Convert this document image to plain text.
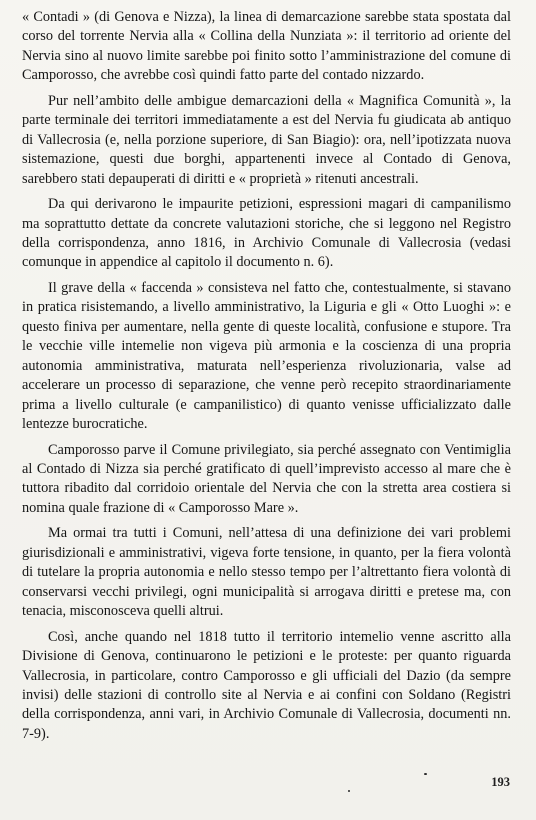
« Contadi » (di Genova e Nizza), la linea di demarcazione sarebbe stata spostata dal corso del torrente Nervia alla « Collina della Nunziata »: il territorio ad oriente del Nervia sino al nuovo limite sarebbe poi finito sotto l’amministrazione del comune di Camporosso, che avrebbe così quindi fatto parte del contado nizzardo.

Pur nell’ambito delle ambigue demarcazioni della « Magnifica Comunità », la parte terminale dei territori immediatamente a est del Nervia fu giudicata ab antiquo di Vallecrosia (e, nella porzione superiore, di San Biagio): ora, nell’ipotizzata nuova sistemazione, questi due borghi, appartenenti invece al Contado di Genova, sarebbero stati depauperati di diritti e « proprietà » ritenuti ancestrali.

Da qui derivarono le impaurite petizioni, espressioni magari di campanilismo ma soprattutto dettate da concrete valutazioni storiche, che si leggono nel Registro della corrispondenza, anno 1816, in Archivio Comunale di Vallecrosia (vedasi comunque in appendice al capitolo il documento n. 6).

Il grave della « faccenda » consisteva nel fatto che, contestualmente, si stavano in pratica risistemando, a livello amministrativo, la Liguria e gli « Otto Luoghi »: e questo finiva per aumentare, nella gente di queste località, confusione e stupore. Tra le vecchie ville intemelie non vigeva più armonia e la coscienza di una propria autonomia amministrativa, maturata nell’esperienza rivoluzionaria, valse ad accelerare un processo di separazione, che venne però recepito straordinariamente prima a livello culturale (e campanilistico) di quanto venisse ufficializzato dalle lentezze burocratiche.

Camporosso parve il Comune privilegiato, sia perché assegnato con Ventimiglia al Contado di Nizza sia perché gratificato di quell’imprevisto accesso al mare che è tuttora ribadito dal corridoio orientale del Nervia che con la stretta area costiera si nomina quale frazione di « Camporosso Mare ».

Ma ormai tra tutti i Comuni, nell’attesa di una definizione dei vari problemi giurisdizionali e amministrativi, vigeva forte tensione, in quanto, per la fiera volontà di tutelare la propria autonomia e nello stesso tempo per l’altrettanto fiera volontà di conservarsi vecchi privilegi, ogni municipalità si arrogava diritti e pretese ma, con tenacia, misconosceva quelli altrui.

Così, anche quando nel 1818 tutto il territorio intemelio venne ascritto alla Divisione di Genova, continuarono le petizioni e le proteste: per quanto riguarda Vallecrosia, in particolare, contro Camporosso e gli ufficiali del Dazio (da sempre invisi) delle stazioni di controllo site al Nervia e ai confini con Soldano (Registri della corrispondenza, anni vari, in Archivio Comunale di Vallecrosia, documenti nn. 7-9).

193
